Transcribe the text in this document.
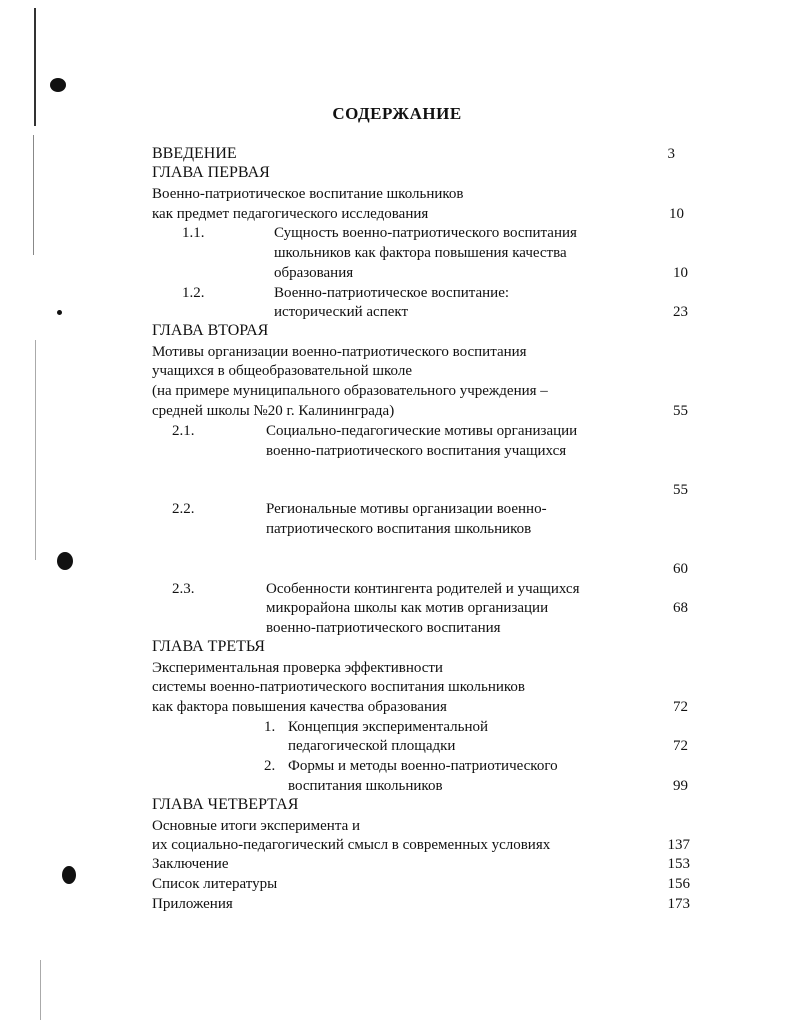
СОДЕРЖАНИЕ
ВВЕДЕНИЕ	3
ГЛАВА ПЕРВАЯ
Военно-патриотическое воспитание школьников
как предмет педагогического исследования	10
1.1.	Сущность военно-патриотического воспитания
школьников как фактора повышения качества
образования	10
1.2.	Военно-патриотическое воспитание:
исторический аспект	23
ГЛАВА ВТОРАЯ
Мотивы организации военно-патриотического воспитания
учащихся в общеобразовательной школе
(на примере муниципального образовательного учреждения –
средней школы №20 г. Калининграда)	55
2.1.	Социально-педагогические мотивы организации
военно-патриотического воспитания учащихся
55
2.2.	Региональные мотивы организации военно-
патриотического воспитания школьников
60
2.3.	Особенности контингента родителей и учащихся
микрорайона школы как мотив организации	68
военно-патриотического воспитания
ГЛАВА ТРЕТЬЯ
Экспериментальная проверка эффективности
системы военно-патриотического воспитания школьников
как фактора повышения качества образования	72
1. Концепция экспериментальной
педагогической площадки	72
2. Формы и методы военно-патриотического
воспитания школьников	99
ГЛАВА ЧЕТВЕРТАЯ
Основные итоги эксперимента и
их социально-педагогический смысл в современных условиях	137
Заключение	153
Список литературы	156
Приложения	173
